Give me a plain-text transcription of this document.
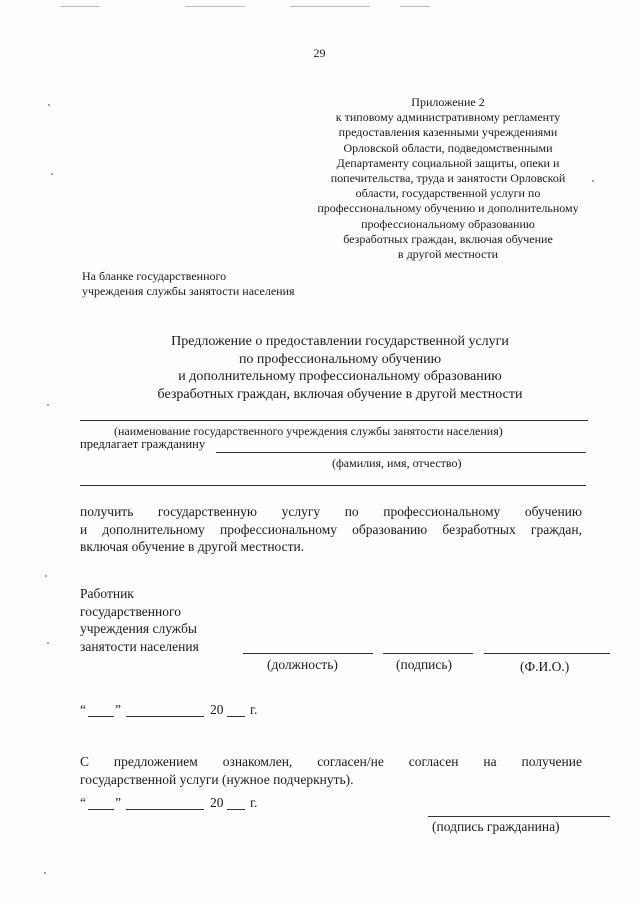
29
Приложение 2
к типовому административному регламенту
предоставления казенными учреждениями
Орловской области, подведомственными
Департаменту социальной защиты, опеки и
попечительства, труда и занятости Орловской
области, государственной услуги по
профессиональному обучению и дополнительному
профессиональному образованию
безработных граждан, включая обучение
в другой местности
На бланке государственного
учреждения службы занятости населения
Предложение о предоставлении государственной услуги
по профессиональному обучению
и дополнительному профессиональному образованию
безработных граждан, включая обучение в другой местности
(наименование государственного учреждения службы занятости населения)
предлагает гражданину
(фамилия, имя, отчество)
получить государственную услугу по профессиональному обучению
и дополнительному профессиональному образованию безработных граждан,
включая обучение в другой местности.
Работник
государственного
учреждения службы
занятости населения
(должность)	(подпись)	(Ф.И.О.)
“ ”	20 г.
С предложением ознакомлен, согласен/не согласен на получение
государственной услуги (нужное подчеркнуть).
“ ”	20 г.
(подпись гражданина)
